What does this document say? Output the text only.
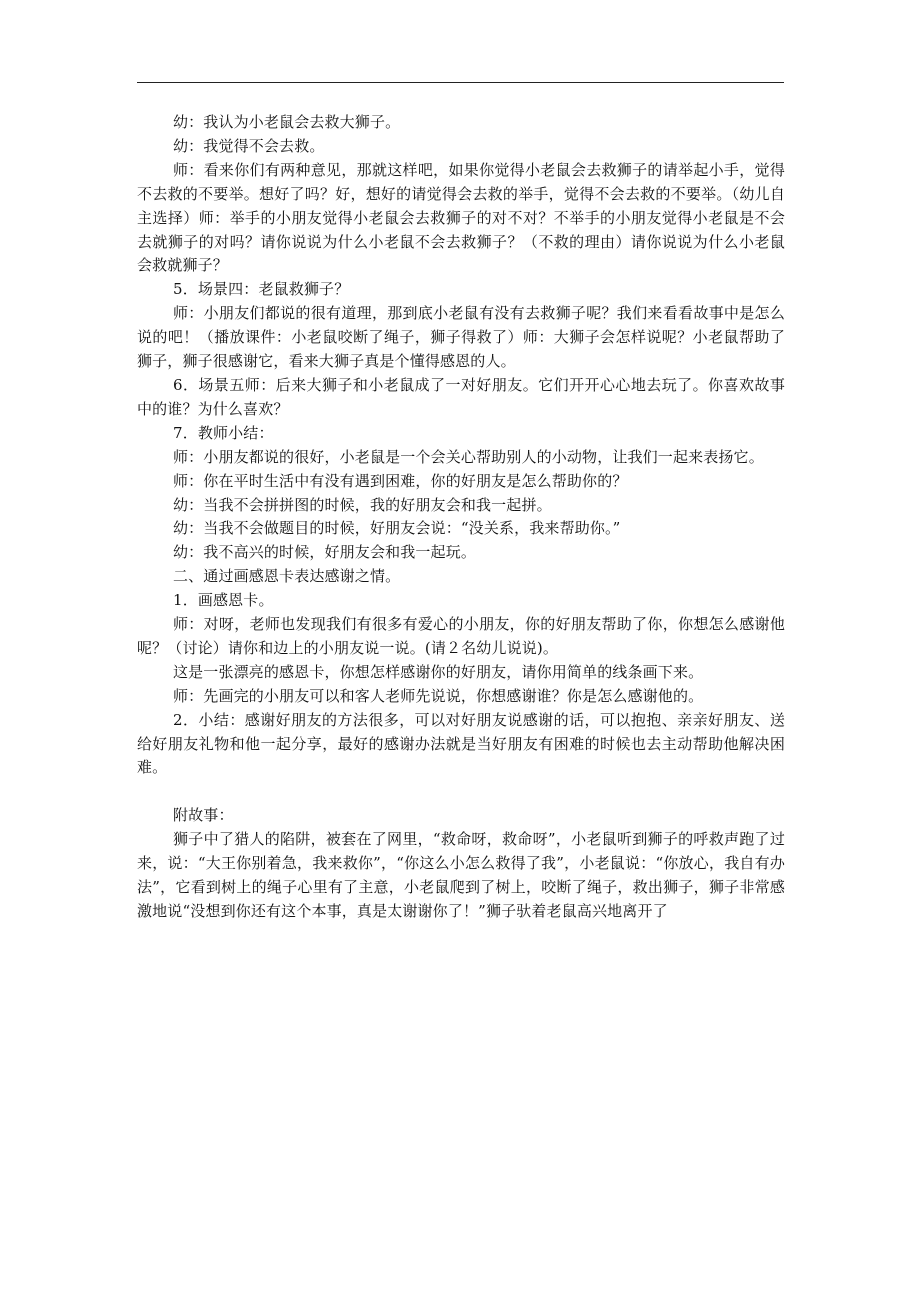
幼：我认为小老鼠会去救大狮子。

幼：我觉得不会去救。

师：看来你们有两种意见，那就这样吧，如果你觉得小老鼠会去救狮子的请举起小手，觉得不去救的不要举。想好了吗？好，想好的请觉得会去救的举手，觉得不会去救的不要举。（幼儿自主选择）师：举手的小朋友觉得小老鼠会去救狮子的对不对？不举手的小朋友觉得小老鼠是不会去就狮子的对吗？请你说说为什么小老鼠不会去救狮子？（不救的理由）请你说说为什么小老鼠会救就狮子？

5．场景四：老鼠救狮子？

师：小朋友们都说的很有道理，那到底小老鼠有没有去救狮子呢？我们来看看故事中是怎么说的吧！（播放课件：小老鼠咬断了绳子，狮子得救了）师：大狮子会怎样说呢？小老鼠帮助了狮子，狮子很感谢它，看来大狮子真是个懂得感恩的人。

6．场景五师：后来大狮子和小老鼠成了一对好朋友。它们开开心心地去玩了。你喜欢故事中的谁？为什么喜欢？

7．教师小结：

师：小朋友都说的很好，小老鼠是一个会关心帮助别人的小动物，让我们一起来表扬它。

师：你在平时生活中有没有遇到困难，你的好朋友是怎么帮助你的？

幼：当我不会拼拼图的时候，我的好朋友会和我一起拼。

幼：当我不会做题目的时候，好朋友会说：“没关系，我来帮助你。”

幼：我不高兴的时候，好朋友会和我一起玩。

二、通过画感恩卡表达感谢之情。

1．画感恩卡。

师：对呀，老师也发现我们有很多有爱心的小朋友，你的好朋友帮助了你，你想怎么感谢他呢？（讨论）请你和边上的小朋友说一说。(请２名幼儿说说)。

这是一张漂亮的感恩卡，你想怎样感谢你的好朋友，请你用简单的线条画下来。

师：先画完的小朋友可以和客人老师先说说，你想感谢谁？你是怎么感谢他的。

2．小结：感谢好朋友的方法很多，可以对好朋友说感谢的话，可以抱抱、亲亲好朋友、送给好朋友礼物和他一起分享，最好的感谢办法就是当好朋友有困难的时候也去主动帮助他解决困难。

附故事：

狮子中了猎人的陷阱，被套在了网里，“救命呀，救命呀”，小老鼠听到狮子的呼救声跑了过来，说：“大王你别着急，我来救你”，“你这么小怎么救得了我”，小老鼠说：“你放心，我自有办法”，它看到树上的绳子心里有了主意，小老鼠爬到了树上，咬断了绳子，救出狮子，狮子非常感激地说“没想到你还有这个本事，真是太谢谢你了！”狮子驮着老鼠高兴地离开了
